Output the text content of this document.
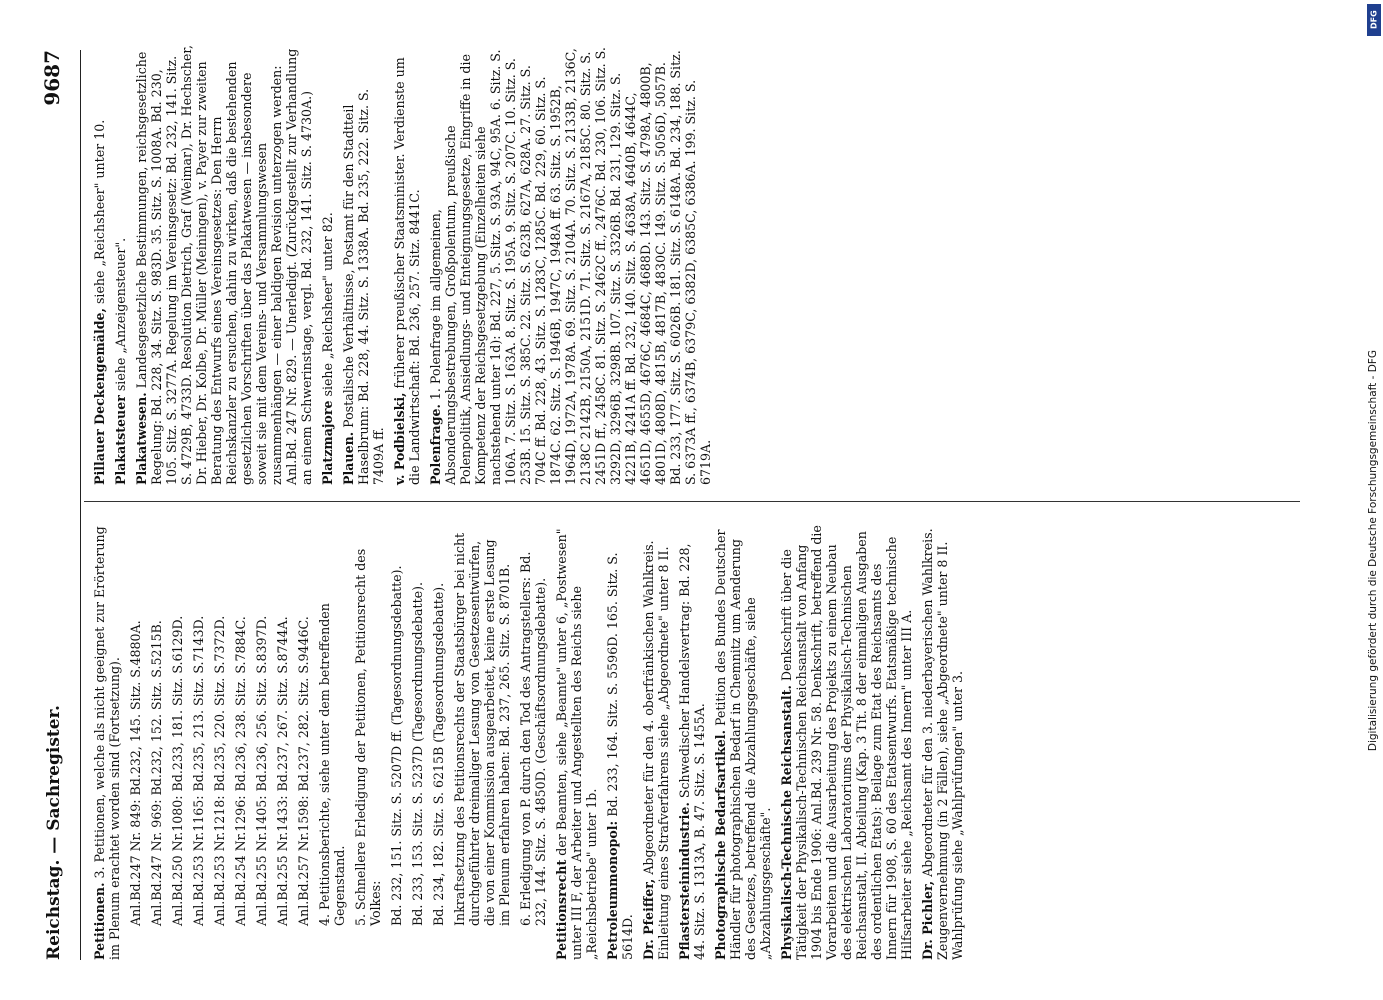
Reichstag. — Sachregister.
9687
Petitionen. 3. Petitionen, welche als nicht geeignet zur Erörterung im Plenum erachtet worden sind (Fortsetzung). Anl.Bd.247 Nr. 849: Bd.232, 145. Sitz. S.4880A. Anl.Bd.247 Nr. 969: Bd.232, 152. Sitz. S.5215B. Anl.Bd.250 Nr.1080: Bd.233, 181. Sitz. S.6129D. Anl.Bd.253 Nr.1165: Bd.235, 213. Sitz. S.7143D. Anl.Bd.253 Nr.1218: Bd.235, 220. Sitz. S.7372D. Anl.Bd.254 Nr.1296: Bd.236, 238. Sitz. S.7884C. Anl.Bd.255 Nr.1405: Bd.236, 256. Sitz. S.8397D. Anl.Bd.255 Nr.1433: Bd.237, 267. Sitz. S.8744A. Anl.Bd.257 Nr.1598: Bd.237, 282. Sitz. S.9446C. 4. Petitionsberichte, siehe unter dem betreffenden Gegenstand. 5. Schnellere Erledigung der Petitionen, Petitionsrecht des Volkes: Bd. 232, 151. Sitz. S. 5207D ff. (Tagesordnungsdebatte). Bd. 233, 153. Sitz. S. 5237D (Tagesordnungsdebatte). Bd. 234, 182. Sitz. S. 6215B (Tagesordnungsdebatte). Inkraftsetzung des Petitionsrechts der Staatsbürger bei nicht durchgeführter dreimaliger Lesung von Gesetzesentwürfen, die von einer Kommission ausgearbeitet, keine erste Lesung im Plenum erfahren haben: Bd. 237, 265. Sitz. S. 8701B. 6. Erledigung von P. durch den Tod des Antragstellers: Bd. 232, 144. Sitz. S. 4850D. (Geschäftsordnungsdebatte). Petitionsrecht der Beamten, siehe „Beamte" unter 6, „Postwesen" unter III F, der Arbeiter und Angestellten des Reichs siehe „Reichsbetriebe" unter 1b. Petroleummonopol: Bd. 233, 164. Sitz. S. 5596D. 165. Sitz. S. 5614D. Dr. Pfeiffer, Abgeordneter für den 4. oberfränkischen Wahlkreis. Einleitung eines Strafverfahrens siehe „Abgeordnete" unter 8 II. Pflastersteinindustrie. Schwedischer Handelsvertrag: Bd. 228, 44. Sitz. S. 1313A, B. 47. Sitz. S. 1455A. Photographische Bedarfsartikel. Petition des Bundes Deutscher Händler für photographischen Bedarf in Chemnitz um Aenderung des Gesetzes, betreffend die Abzahlungsgeschäfte, siehe „Abzahlungsgeschäfte". Physikalisch-Technische Reichsanstalt. Denkschrift über die Tätigkeit der Physikalisch-Technischen Reichsanstalt von Anfang 1904 bis Ende 1906: Anl.Bd. 239 Nr. 58. Denkschrift, betreffend die Vorarbeiten und die Ausarbeitung des Projekts zu einem Neubau des elektrischen Laboratoriums der Physikalisch-Technischen Reichsanstalt, II. Abteilung (Kap. 3 Tit. 8 der einmaligen Ausgaben des ordentlichen Etats): Beilage zum Etat des Reichsamts des Innern für 1908, S. 60 des Etatsentwurfs. Etatsmäßige technische Hilfsarbeiter siehe „Reichsamt des Innern" unter III A. Dr. Pichler, Abgeordneter für den 3. niederbayerischen Wahlkreis. Zeugenvernehmung (in 2 Fällen), siehe „Abgeordnete" unter 8 II. Wahlprüfung siehe „Wahlprüfungen" unter 3.
Pillauer Deckengemälde, siehe „Reichsheer" unter 10.
Plakatsteuer siehe „Anzeigensteuer".
Plakatwesen. Landesgesetzliche Bestimmungen, reichsgesetzliche Regelung: Bd. 228, 34. Sitz. S. 983D. 35. Sitz. S. 1008A. Bd. 230, 105. Sitz. S. 3277A. Regelung im Vereinsgesetz: Bd. 232, 141. Sitz. S. 4729B, 4733D. Resolution Dietrich, Graf (Weimar), Dr. Hechscher, Dr. Hieber, Dr. Kolbe, Dr. Müller (Meiningen), v. Payer zur zweiten Beratung des Entwurfs eines Vereinsgesetzes: Den Herrn Reichskanzler zu ersuchen, dahin zu wirken, daß die bestehenden gesetzlichen Vorschriften über das Plakatwesen — insbesondere soweit sie mit dem Vereins- und Versammlungswesen zusammenhängen — einer baldigen Revision unterzogen werden: Anl.Bd. 247 Nr. 829. — Unerledigt. (Zurückgestellt zur Verhandlung an einem Schwerinstage, vergl. Bd. 232, 141. Sitz. S. 4730A.) Platzmajore siehe „Reichsheer" unter 82.
Plauen. Postalische Verhältnisse, Postamt für den Stadtteil Haselbrunn: Bd. 228, 44. Sitz. S. 1338A. Bd. 235, 222. Sitz. S. 7409A ff. v. Podbielski, früherer preußischer Staatsminister. Verdienste um die Landwirtschaft: Bd. 236, 257. Sitz. 8441C. Polenfrage. 1. Polenfrage im allgemeinen, Absonderungsbestrebungen, Großpolentum, preußische Polenpolitik, Ansiedlungs- und Enteignungsgesetze, Eingriffe in die Kompetenz der Reichsgesetzgebung (Einzelheiten siehe nachstehend unter 1d): Bd. 227, 5. Sitz. S. 93A, 94C, 95A. 6. Sitz. S. 106A. 7. Sitz. S. 163A. 8. Sitz. S. 195A. 9. Sitz. S. 207C. 10. Sitz. S. 253B. 15. Sitz. S. 385C. 22. Sitz. S. 623B, 627A, 628A. 27. Sitz. S. 704C ff. Bd. 228, 43. Sitz. S. 1283C, 1285C. Bd. 229, 60. Sitz. S. 1874C. 62. Sitz. S. 1946B, 1947C, 1948A ff. 63. Sitz. S. 1952B, 1964D, 1972A, 1978A. 69. Sitz. S. 2104A. 70. Sitz. S. 2133B, 2136C, 2138C 2142B, 2150A, 2151D. 71. Sitz. S. 2167A, 2185C. 80. Sitz. S. 2451D ff., 2458C. 81. Sitz. S. 2462C ff., 2476C. Bd. 230, 106. Sitz. S. 3292D, 3296B, 3298B. 107. Sitz. S. 3326B. Bd. 231, 129. Sitz. S. 4221B, 4241A ff. Bd. 232, 140. Sitz. S. 4638A, 4640B, 4644C, 4651D, 4655D, 4676C, 4684C, 4688D. 143. Sitz. S. 4798A, 4800B, 4801D, 4808D, 4815B, 4817B, 4830C. 149. Sitz. S. 5056D, 5057B. Bd. 233, 177. Sitz. S. 6026B. 181. Sitz. S. 6148A. Bd. 234, 188. Sitz. S. 6373A ff., 6374B, 6379C, 6382D, 6385C, 6386A. 199. Sitz. S. 6719A.
DFG
Digitalisierung gefördert durch die Deutsche Forschungsgemeinschaft - DFG
